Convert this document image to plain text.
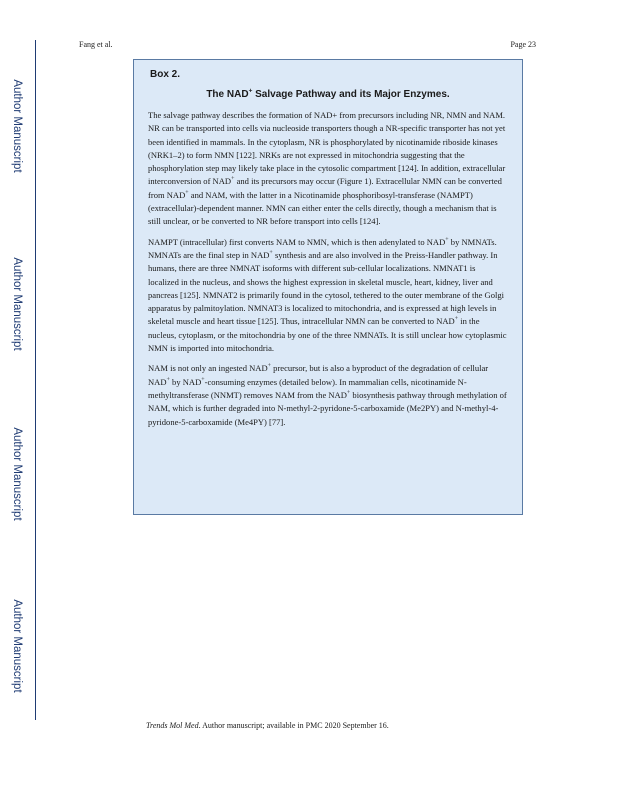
Author Manuscript
Author Manuscript
Author Manuscript
Author Manuscript
Fang et al.	Page 23
Box 2.
The NAD+ Salvage Pathway and its Major Enzymes.

The salvage pathway describes the formation of NAD+ from precursors including NR, NMN and NAM. NR can be transported into cells via nucleoside transporters though a NR-specific transporter has not yet been identified in mammals. In the cytoplasm, NR is phosphorylated by nicotinamide riboside kinases (NRK1–2) to form NMN [122]. NRKs are not expressed in mitochondria suggesting that the phosphorylation step may likely take place in the cytosolic compartment [124]. In addition, extracellular interconversion of NAD+ and its precursors may occur (Figure 1). Extracellular NMN can be converted from NAD+ and NAM, with the latter in a Nicotinamide phosphoribosyl-transferase (NAMPT) (extracellular)-dependent manner. NMN can either enter the cells directly, though a mechanism that is still unclear, or be converted to NR before transport into cells [124].

NAMPT (intracellular) first converts NAM to NMN, which is then adenylated to NAD+ by NMNATs. NMNATs are the final step in NAD+ synthesis and are also involved in the Preiss-Handler pathway. In humans, there are three NMNAT isoforms with different sub-cellular localizations. NMNAT1 is localized in the nucleus, and shows the highest expression in skeletal muscle, heart, kidney, liver and pancreas [125]. NMNAT2 is primarily found in the cytosol, tethered to the outer membrane of the Golgi apparatus by palmitoylation. NMNAT3 is localized to mitochondria, and is expressed at high levels in skeletal muscle and heart tissue [125]. Thus, intracellular NMN can be converted to NAD+ in the nucleus, cytoplasm, or the mitochondria by one of the three NMNATs. It is still unclear how cytoplasmic NMN is imported into mitochondria.

NAM is not only an ingested NAD+ precursor, but is also a byproduct of the degradation of cellular NAD+ by NAD+-consuming enzymes (detailed below). In mammalian cells, nicotinamide N-methyltransferase (NNMT) removes NAM from the NAD+ biosynthesis pathway through methylation of NAM, which is further degraded into N-methyl-2-pyridone-5-carboxamide (Me2PY) and N-methyl-4-pyridone-5-carboxamide (Me4PY) [77].

Trends Mol Med. Author manuscript; available in PMC 2020 September 16.
